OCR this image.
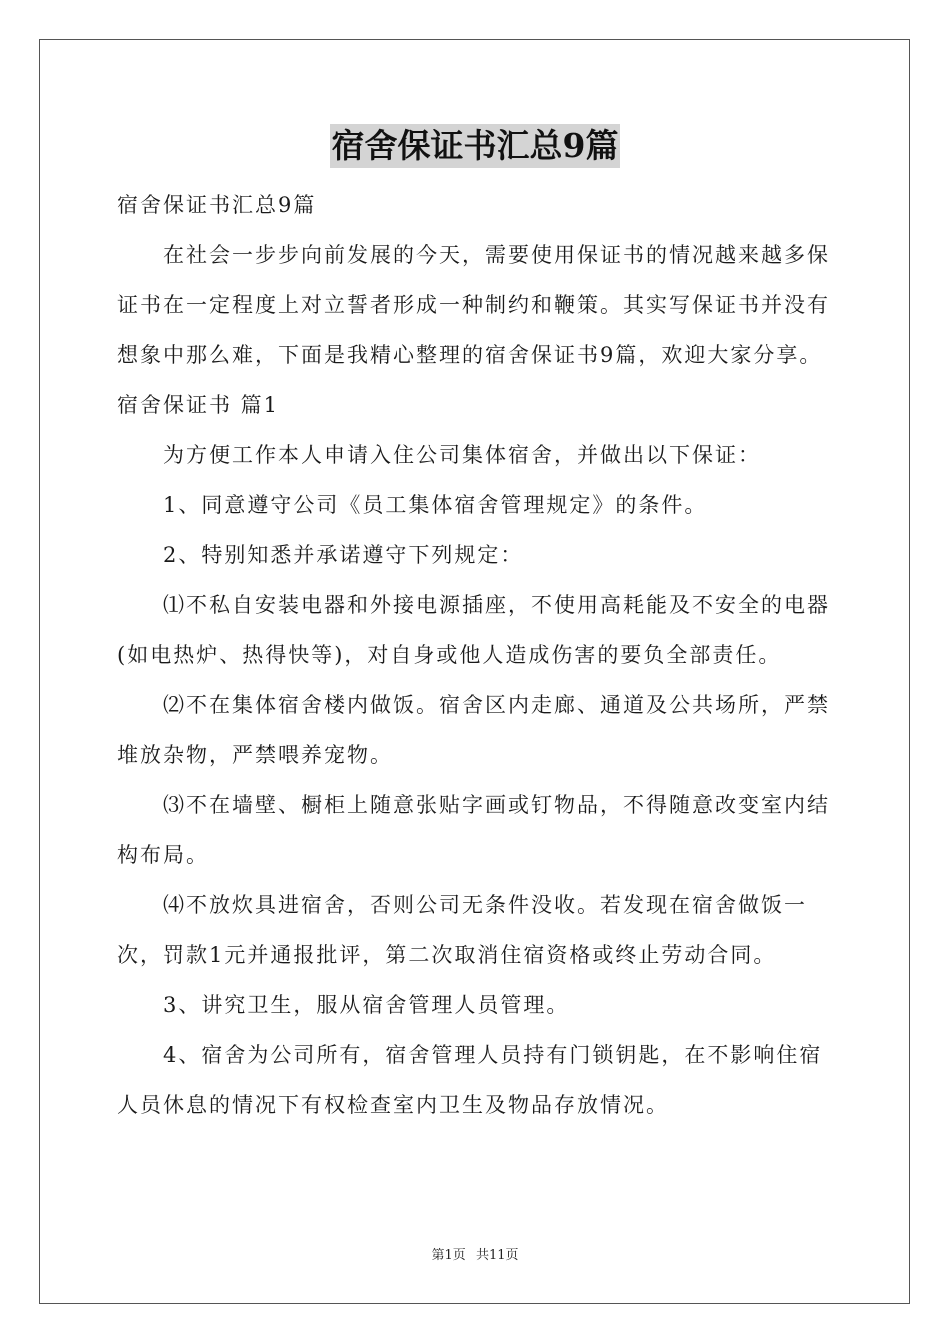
宿舍保证书汇总9篇

宿舍保证书汇总9篇

在社会一步步向前发展的今天，需要使用保证书的情况越来越多保证书在一定程度上对立誓者形成一种制约和鞭策。其实写保证书并没有想象中那么难，下面是我精心整理的宿舍保证书9篇，欢迎大家分享。

宿舍保证书 篇1

为方便工作本人申请入住公司集体宿舍，并做出以下保证：

1、同意遵守公司《员工集体宿舍管理规定》的条件。

2、特别知悉并承诺遵守下列规定：

⑴不私自安装电器和外接电源插座，不使用高耗能及不安全的电器(如电热炉、热得快等)，对自身或他人造成伤害的要负全部责任。

⑵不在集体宿舍楼内做饭。宿舍区内走廊、通道及公共场所，严禁堆放杂物，严禁喂养宠物。

⑶不在墙壁、橱柜上随意张贴字画或钉物品，不得随意改变室内结构布局。

⑷不放炊具进宿舍，否则公司无条件没收。若发现在宿舍做饭一次，罚款1元并通报批评，第二次取消住宿资格或终止劳动合同。

3、讲究卫生，服从宿舍管理人员管理。

4、宿舍为公司所有，宿舍管理人员持有门锁钥匙，在不影响住宿人员休息的情况下有权检查室内卫生及物品存放情况。

第1页 共11页
